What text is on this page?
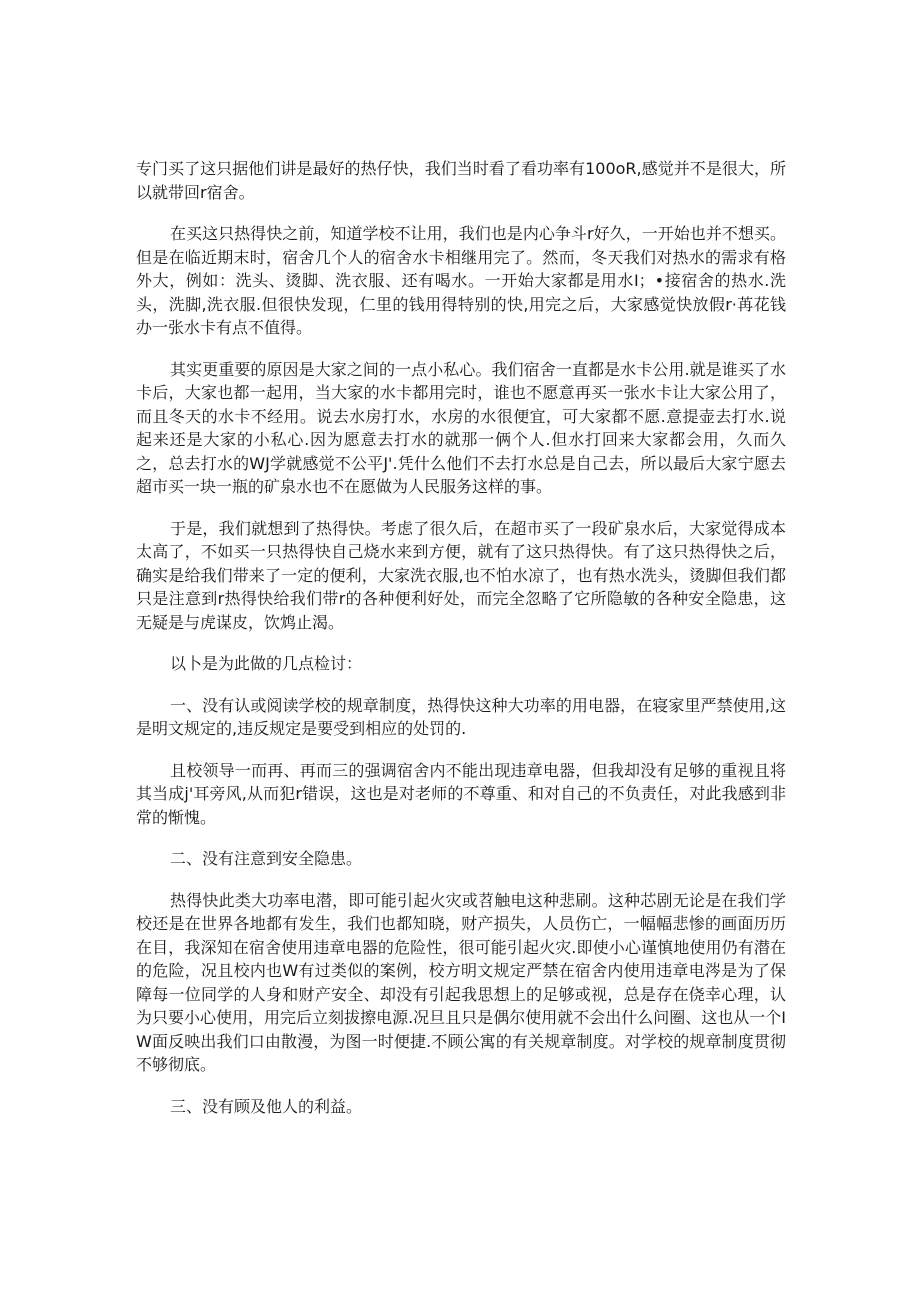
专门买了这只据他们讲是最好的热仔快，我们当时看了看功率有100oR,感觉并不是很大，所以就带回r宿舍。

在买这只热得快之前，知道学校不让用，我们也是内心争斗r好久，一开始也并不想买。但是在临近期末时，宿舍几个人的宿舍水卡相继用完了。然而，冬天我们对热水的需求有格外大，例如：洗头、烫脚、洗衣服、还有喝水。一开始大家都是用水I；•接宿舍的热水.洗头，洗脚,洗衣服.但很快发现，仁里的钱用得特别的快,用完之后，大家感觉快放假r·苒花钱办一张水卡有点不值得。

其实更重要的原因是大家之间的一点小私心。我们宿舍一直都是水卡公用.就是谁买了水卡后，大家也都一起用，当大家的水卡都用完时，谁也不愿意再买一张水卡让大家公用了，而且冬天的水卡不经用。说去水房打水，水房的水很便宜，可大家都不愿.意提壶去打水.说起来还是大家的小私心.因为愿意去打水的就那一俩个人.但水打回来大家都会用，久而久之，总去打水的WJ学就感觉不公平J'.凭什么他们不去打水总是自己去，所以最后大家宁愿去超市买一块一瓶的矿泉水也不在愿做为人民服务这样的事。

于是，我们就想到了热得快。考虑了很久后，在超市买了一段矿泉水后，大家觉得成本太高了，不如买一只热得快自己烧水来到方便，就有了这只热得快。有了这只热得快之后，确实是给我们带来了一定的便利，大家洗衣服,也不怕水凉了，也有热水洗头，烫脚但我们都只是注意到r热得快给我们带r的各种便利好处，而完全忽略了它所隐敏的各种安全隐患，这无疑是与虎谋皮，饮鸩止渴。

以卜是为此做的几点检讨：

一、没有认或阅读学校的规章制度，热得快这种大功率的用电器，在寝家里严禁使用,这是明文规定的,违反规定是要受到相应的处罚的.

且校领导一而再、再而三的强调宿舍内不能出现违章电器，但我却没有足够的重视且将其当成j'耳旁风,从而犯r错误，这也是对老师的不尊重、和对自己的不负责任，对此我感到非常的惭愧。

二、没有注意到安全隐患。

热得快此类大功率电潜，即可能引起火灾或苕触电这种悲刷。这种芯剧无论是在我们学校还是在世界各地都有发生，我们也都知晓，财产损失，人员伤亡，一幅幅悲惨的画面历历在目，我深知在宿舍使用违章电器的危险性，很可能引起火灾.即使小心谨慎地使用仍有潜在的危险，况且校内也W有过类似的案例，校方明文规定严禁在宿舍内使用违章电涔是为了保障每一位同学的人身和财产安全、却没有引起我思想上的足够或视，总是存在侥幸心理，认为只要小心使用，用完后立刻拔擦电源.况旦且只是偶尔使用就不会出什么问圈、这也从一个IW面反映出我们口由散漫，为图一时便捷.不顾公寓的有关规章制度。对学校的规章制度贯彻不够彻底。

三、没有顾及他人的利益。
